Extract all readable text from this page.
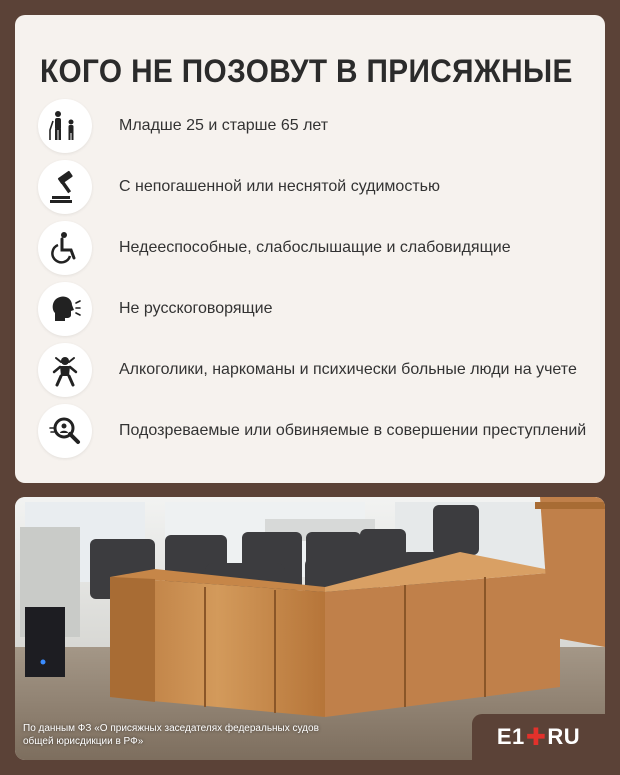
КОГО НЕ ПОЗОВУТ В ПРИСЯЖНЫЕ
Младше 25 и старше 65 лет
С непогашенной или неснятой судимостью
Недееспособные, слабослышащие и слабовидящие
Не русскоговорящие
Алкоголики, наркоманы и психически больные люди на учете
Подозреваемые или обвиняемые в совершении преступлений
По данным ФЗ «О присяжных заседателях федеральных судов общей юрисдикции в РФ»	E1 ✚ RU
